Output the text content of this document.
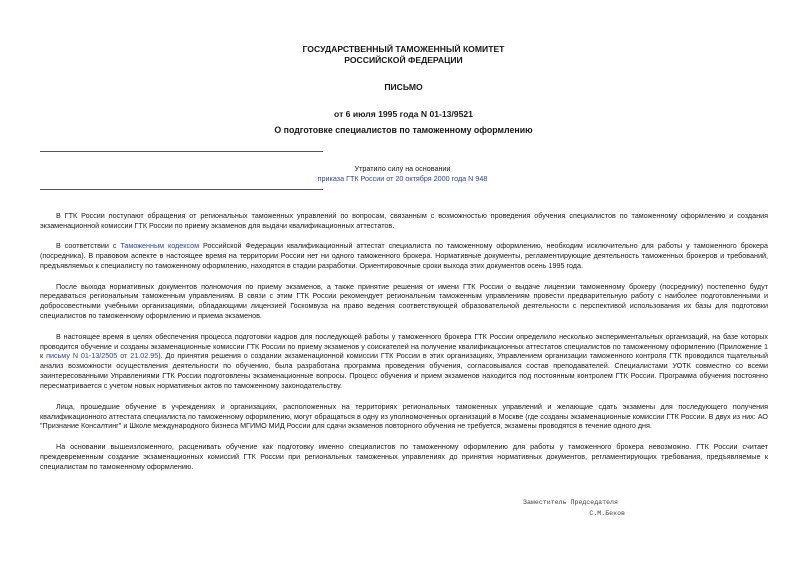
ГОСУДАРСТВЕННЫЙ ТАМОЖЕННЫЙ КОМИТЕТ

РОССИЙСКОЙ ФЕДЕРАЦИИ

ПИСЬМО

от 6 июля 1995 года N 01-13/9521

О подготовке специалистов по таможенному оформлению
Утратило силу на основании
приказа ГТК России от 20 октября 2000 года N 948

В ГТК России поступают обращения от региональных таможенных управлений по вопросам, связанным с возможностью проведения обучения специалистов по таможенному оформлению и создания экзаменационной комиссии ГТК России по приему экзаменов для выдачи квалификационных аттестатов.

В соответствии с Таможенным кодексом Российской Федерации квалификационный аттестат специалиста по таможенному оформлению, необходим исключительно для работы у таможенного брокера (посредника). В правовом аспекте в настоящее время на территории России нет ни одного таможенного брокера. Нормативные документы, регламентирующие деятельность таможенных брокеров и требований, предъявляемых к специалисту по таможенному оформлению, находятся в стадии разработки. Ориентировочные сроки выхода этих документов осень 1995 года.

После выхода нормативных документов полномочия по приему экзаменов, а также принятие решения от имени ГТК России о выдаче лицензии таможенному брокеру (посреднику) постепенно будут передаваться региональным таможенным управлениям. В связи с этим ГТК России рекомендует региональным таможенным управлениям провести предварительную работу с наиболее подготовленными и добросовестными учебными организациями, обладающими лицензией Госкомвуза на право ведения соответствующей образовательной деятельности с перспективой использования их базы для подготовки специалистов по таможенному оформлению и приема экзаменов.

В настоящее время в целях обеспечения процесса подготовки кадров для последующей работы у таможенного брокера ГТК России определило несколько экспериментальных организаций, на базе которых проводится обучение и созданы экзаменационные комиссии ГТК России по приему экзаменов у соискателей на получение квалификационных аттестатов специалистов по таможенному оформлению (Приложение 1 к письму N 01-13/2505 от 21.02.95). До принятия решения о создании экзаменационной комиссии ГТК России в этих организациях, Управлением организации таможенного контроля ГТК проводился тщательный анализ возможности осуществления деятельности по обучению, была разработана программа проведения обучения, согласовывался состав преподавателей. Специалистами УОТК совместно со всеми заинтересованными Управлениями ГТК России подготовлены экзаменационные вопросы. Процесс обучения и прием экзаменов находится под постоянным контролем ГТК России. Программа обучения постоянно пересматривается с учетом новых нормативных актов по таможенному законодательству.

Лица, прошедшие обучение в учреждениях и организациях, расположенных на территориях региональных таможенных управлений и желающие сдать экзамены для последующего получения квалификационного аттестата специалиста по таможенному оформлению, могут обращаться в одну из уполномоченных организаций в Москве (где созданы экзаменационные комиссии ГТК России. В двух из них: АО "Признание Консалтинг" и Школе международного бизнеса МГИМО МИД России для сдачи экзаменов повторного обучения не требуется, экзамены проводятся в течение одного дня.

На основании вышеизложенного, расценивать обучение как подготовку именно специалистов по таможенному оформлению для работы у таможенного брокера невозможно. ГТК России считает преждевременным создание экзаменационных комиссий ГТК России при региональных таможенных управлениях до принятия нормативных документов, регламентирующих требования, предъявляемые к специалистам по таможенному оформлению.

Заместитель Председателя
С.М.Беков
